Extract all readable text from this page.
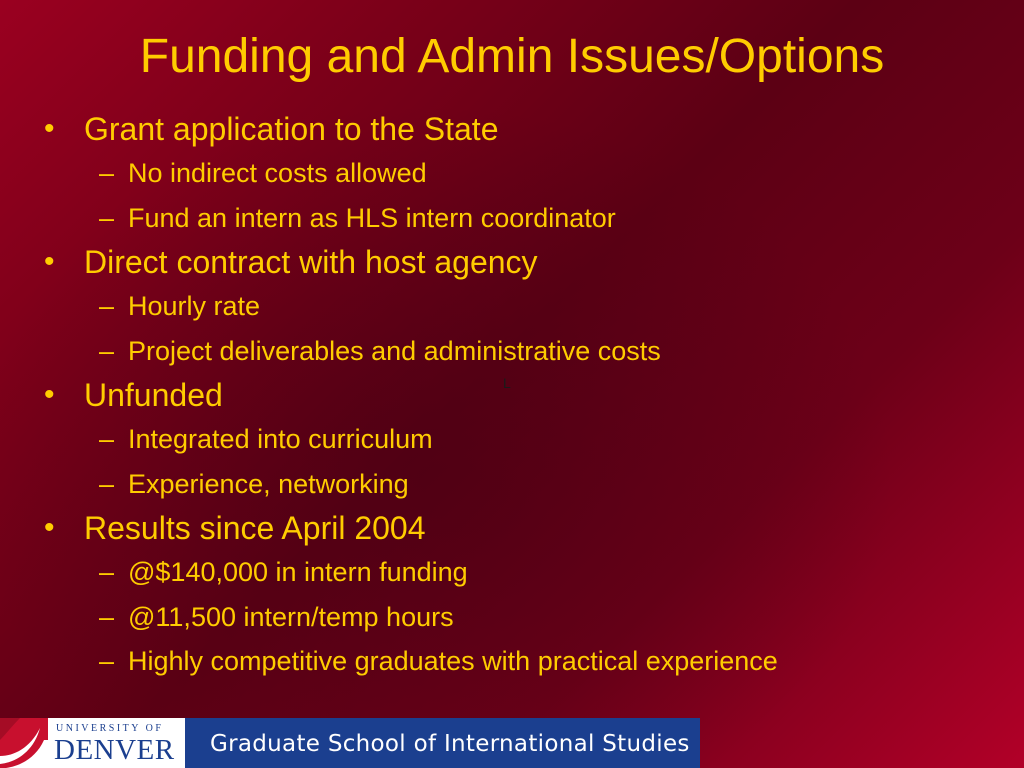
Funding and Admin Issues/Options
• Grant application to the State
– No indirect costs allowed
– Fund an intern as HLS intern coordinator
• Direct contract with host agency
– Hourly rate
– Project deliverables and administrative costs
• Unfunded
– Integrated into curriculum
– Experience, networking
• Results since April 2004
– @$140,000 in intern funding
– @11,500 intern/temp hours
– Highly competitive graduates with practical experience
L
UNIVERSITY OF
DENVER Graduate School of International Studies
